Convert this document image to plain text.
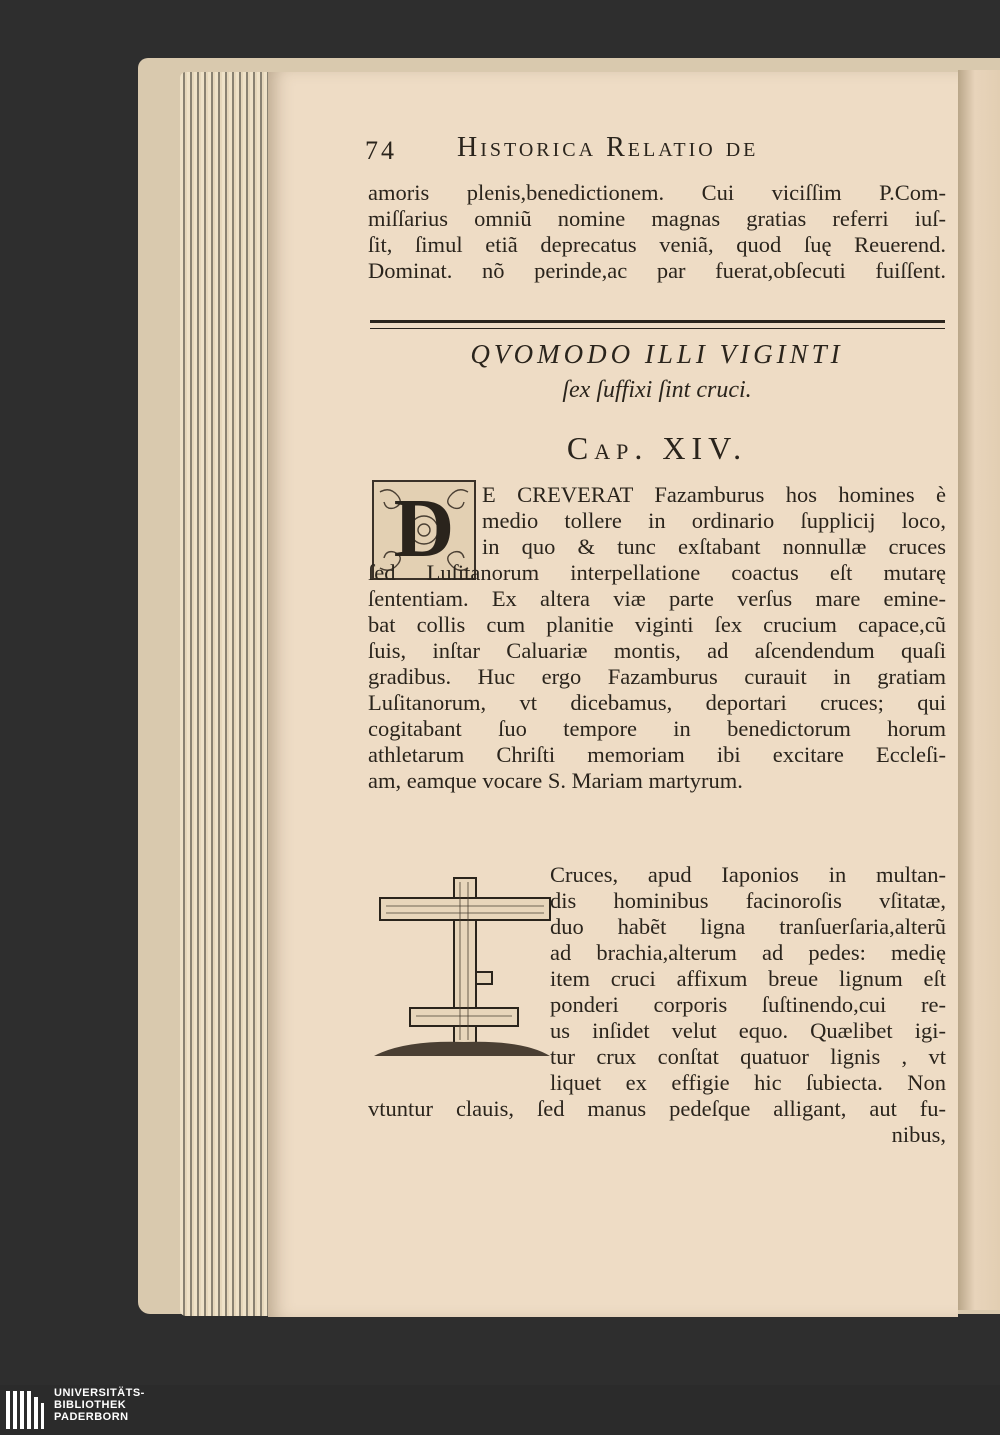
74 Historica Relatio de
amoris plenis,benedictionem. Cui viciſſim P.Com-
miſſarius omniũ nomine magnas gratias referri iuſ-
ſit, ſimul etiã deprecatus veniã, quod ſuę Reuerend.
Dominat. nõ perinde,ac par fuerat,obſecuti fuiſſent.
QVOMODO ILLI VIGINTI
ſex ſuffixi ſint cruci.
Cap. XIV.
D	E CREVERAT Fazamburus hos homines è
medio tollere in ordinario ſupplicij loco,
in quo & tunc exſtabant nonnullæ cruces
ſed Luſitanorum interpellatione coactus eſt mutarę
ſententiam. Ex altera viæ parte verſus mare emine-
bat collis cum planitie viginti ſex crucium capace,cũ
ſuis, inſtar Caluariæ montis, ad aſcendendum quaſi
gradibus. Huc ergo Fazamburus curauit in gratiam
Luſitanorum, vt dicebamus, deportari cruces; qui
cogitabant ſuo tempore in benedictorum horum
athletarum Chriſti memoriam ibi excitare Eccleſi-
am, eamque vocare S. Mariam martyrum.
Cruces, apud Iaponios in multan-
dis hominibus facinoroſis vſitatæ,
duo habẽt ligna tranſuerſaria,alterũ
ad brachia,alterum ad pedes: medię
item cruci affixum breue lignum eſt
ponderi corporis ſuſtinendo,cui re-
us inſidet velut equo. Quælibet igi-
tur crux conſtat quatuor lignis , vt
liquet ex effigie hic ſubiecta. Non
vtuntur clauis, ſed manus pedeſque alligant, aut fu-
nibus,
UNIVERSITÄTS-
BIBLIOTHEK
PADERBORN
